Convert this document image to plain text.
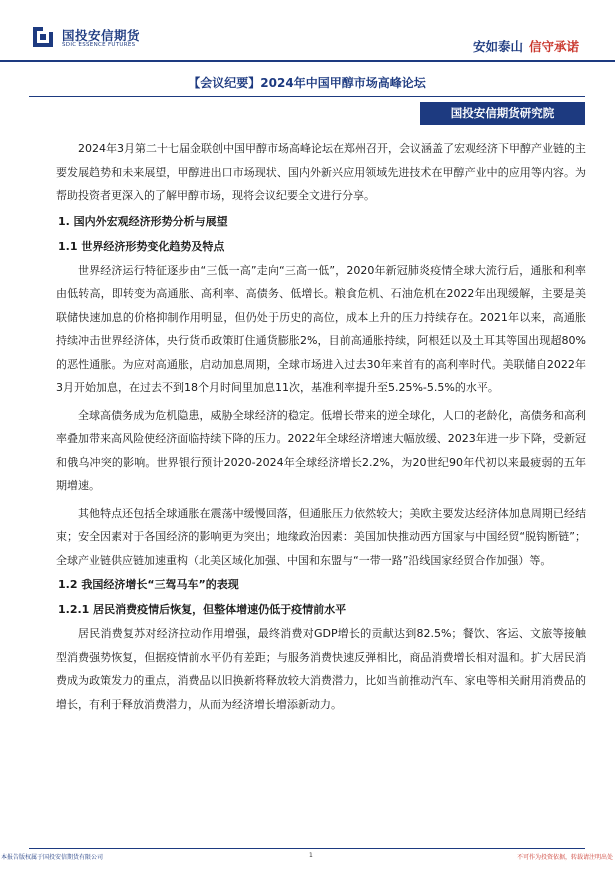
国投安信期货
SDIC ESSENCE FUTURES	安如泰山 信守承诺
【会议纪要】2024年中国甲醇市场高峰论坛
国投安信期货研究院

2024年3月第二十七届金联创中国甲醇市场高峰论坛在郑州召开，会议涵盖了宏观经济下甲醇产业链的主要发展趋势和未来展望，甲醇进出口市场现状、国内外新兴应用领域先进技术在甲醇产业中的应用等内容。为帮助投资者更深入的了解甲醇市场，现将会议纪要全文进行分享。

1. 国内外宏观经济形势分析与展望

1.1 世界经济形势变化趋势及特点

世界经济运行特征逐步由“三低一高”走向“三高一低”，2020年新冠肺炎疫情全球大流行后，通胀和利率由低转高，即转变为高通胀、高利率、高债务、低增长。粮食危机、石油危机在2022年出现缓解，主要是美联储快速加息的价格抑制作用明显，但仍处于历史的高位，成本上升的压力持续存在。2021年以来，高通胀持续冲击世界经济体，央行货币政策盯住通货膨胀2%，目前高通胀持续，阿根廷以及土耳其等国出现超80%的恶性通胀。为应对高通胀，启动加息周期，全球市场进入过去30年来首有的高利率时代。美联储自2022年3月开始加息，在过去不到18个月时间里加息11次，基准利率提升至5.25%-5.5%的水平。

全球高债务成为危机隐患，威胁全球经济的稳定。低增长带来的逆全球化，人口的老龄化，高债务和高利率叠加带来高风险使经济面临持续下降的压力。2022年全球经济增速大幅放缓、2023年进一步下降，受新冠和俄乌冲突的影响。世界银行预计2020-2024年全球经济增长2.2%，为20世纪90年代初以来最疲弱的五年期增速。

其他特点还包括全球通胀在震荡中缓慢回落，但通胀压力依然较大；美欧主要发达经济体加息周期已经结束；安全因素对于各国经济的影响更为突出；地缘政治因素：美国加快推动西方国家与中国经贸“脱钩断链”；全球产业链供应链加速重构（北美区域化加强、中国和东盟与“一带一路”沿线国家经贸合作加强）等。

1.2 我国经济增长“三驾马车”的表现

1.2.1 居民消费疫情后恢复，但整体增速仍低于疫情前水平

居民消费复苏对经济拉动作用增强，最终消费对GDP增长的贡献达到82.5%；餐饮、客运、文旅等接触型消费强势恢复，但据疫情前水平仍有差距；与服务消费快速反弹相比，商品消费增长相对温和。扩大居民消费成为政策发力的重点，消费品以旧换新将释放较大消费潜力，比如当前推动汽车、家电等相关耐用消费品的增长，有利于释放消费潜力，从而为经济增长增添新动力。

本报告版权属于国投安信期货有限公司	1	不可作为投资依据，转载请注明出处
